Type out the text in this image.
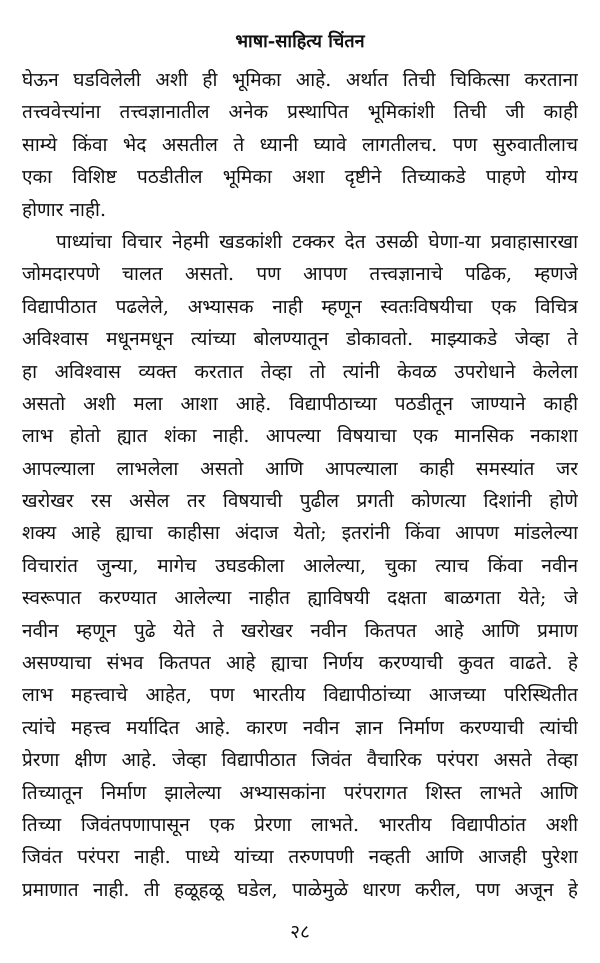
भाषा-साहित्य चिंतन
घेऊन घडविलेली अशी ही भूमिका आहे. अर्थात तिची चिकित्सा करताना
तत्त्ववेत्त्यांना तत्त्वज्ञानातील अनेक प्रस्थापित भूमिकांशी तिची जी काही
साम्ये किंवा भेद असतील ते ध्यानी घ्यावे लागतीलच. पण सुरुवातीलाच
एका विशिष्ट पठडीतील भूमिका अशा दृष्टीने तिच्याकडे पाहणे योग्य
होणार नाही.
पाध्यांचा विचार नेहमी खडकांशी टक्कर देत उसळी घेणा-या प्रवाहासारखा
जोमदारपणे चालत असतो. पण आपण तत्त्वज्ञानाचे पढिक, म्हणजे
विद्यापीठात पढलेले, अभ्यासक नाही म्हणून स्वतःविषयीचा एक विचित्र
अविश्वास मधूनमधून त्यांच्या बोलण्यातून डोकावतो. माझ्याकडे जेव्हा ते
हा अविश्वास व्यक्त करतात तेव्हा तो त्यांनी केवळ उपरोधाने केलेला
असतो अशी मला आशा आहे. विद्यापीठाच्या पठडीतून जाण्याने काही
लाभ होतो ह्यात शंका नाही. आपल्या विषयाचा एक मानसिक नकाशा
आपल्याला लाभलेला असतो आणि आपल्याला काही समस्यांत जर
खरोखर रस असेल तर विषयाची पुढील प्रगती कोणत्या दिशांनी होणे
शक्य आहे ह्याचा काहीसा अंदाज येतो; इतरांनी किंवा आपण मांडलेल्या
विचारांत जुन्या, मागेच उघडकीला आलेल्या, चुका त्याच किंवा नवीन
स्वरूपात करण्यात आलेल्या नाहीत ह्याविषयी दक्षता बाळगता येते; जे
नवीन म्हणून पुढे येते ते खरोखर नवीन कितपत आहे आणि प्रमाण
असण्याचा संभव कितपत आहे ह्याचा निर्णय करण्याची कुवत वाढते. हे
लाभ महत्त्वाचे आहेत, पण भारतीय विद्यापीठांच्या आजच्या परिस्थितीत
त्यांचे महत्त्व मर्यादित आहे. कारण नवीन ज्ञान निर्माण करण्याची त्यांची
प्रेरणा क्षीण आहे. जेव्हा विद्यापीठात जिवंत वैचारिक परंपरा असते तेव्हा
तिच्यातून निर्माण झालेल्या अभ्यासकांना परंपरागत शिस्त लाभते आणि
तिच्या जिवंतपणापासून एक प्रेरणा लाभते. भारतीय विद्यापीठांत अशी
जिवंत परंपरा नाही. पाध्ये यांच्या तरुणपणी नव्हती आणि आजही पुरेशा
प्रमाणात नाही. ती हळूहळू घडेल, पाळेमुळे धारण करील, पण अजून हे
२८
